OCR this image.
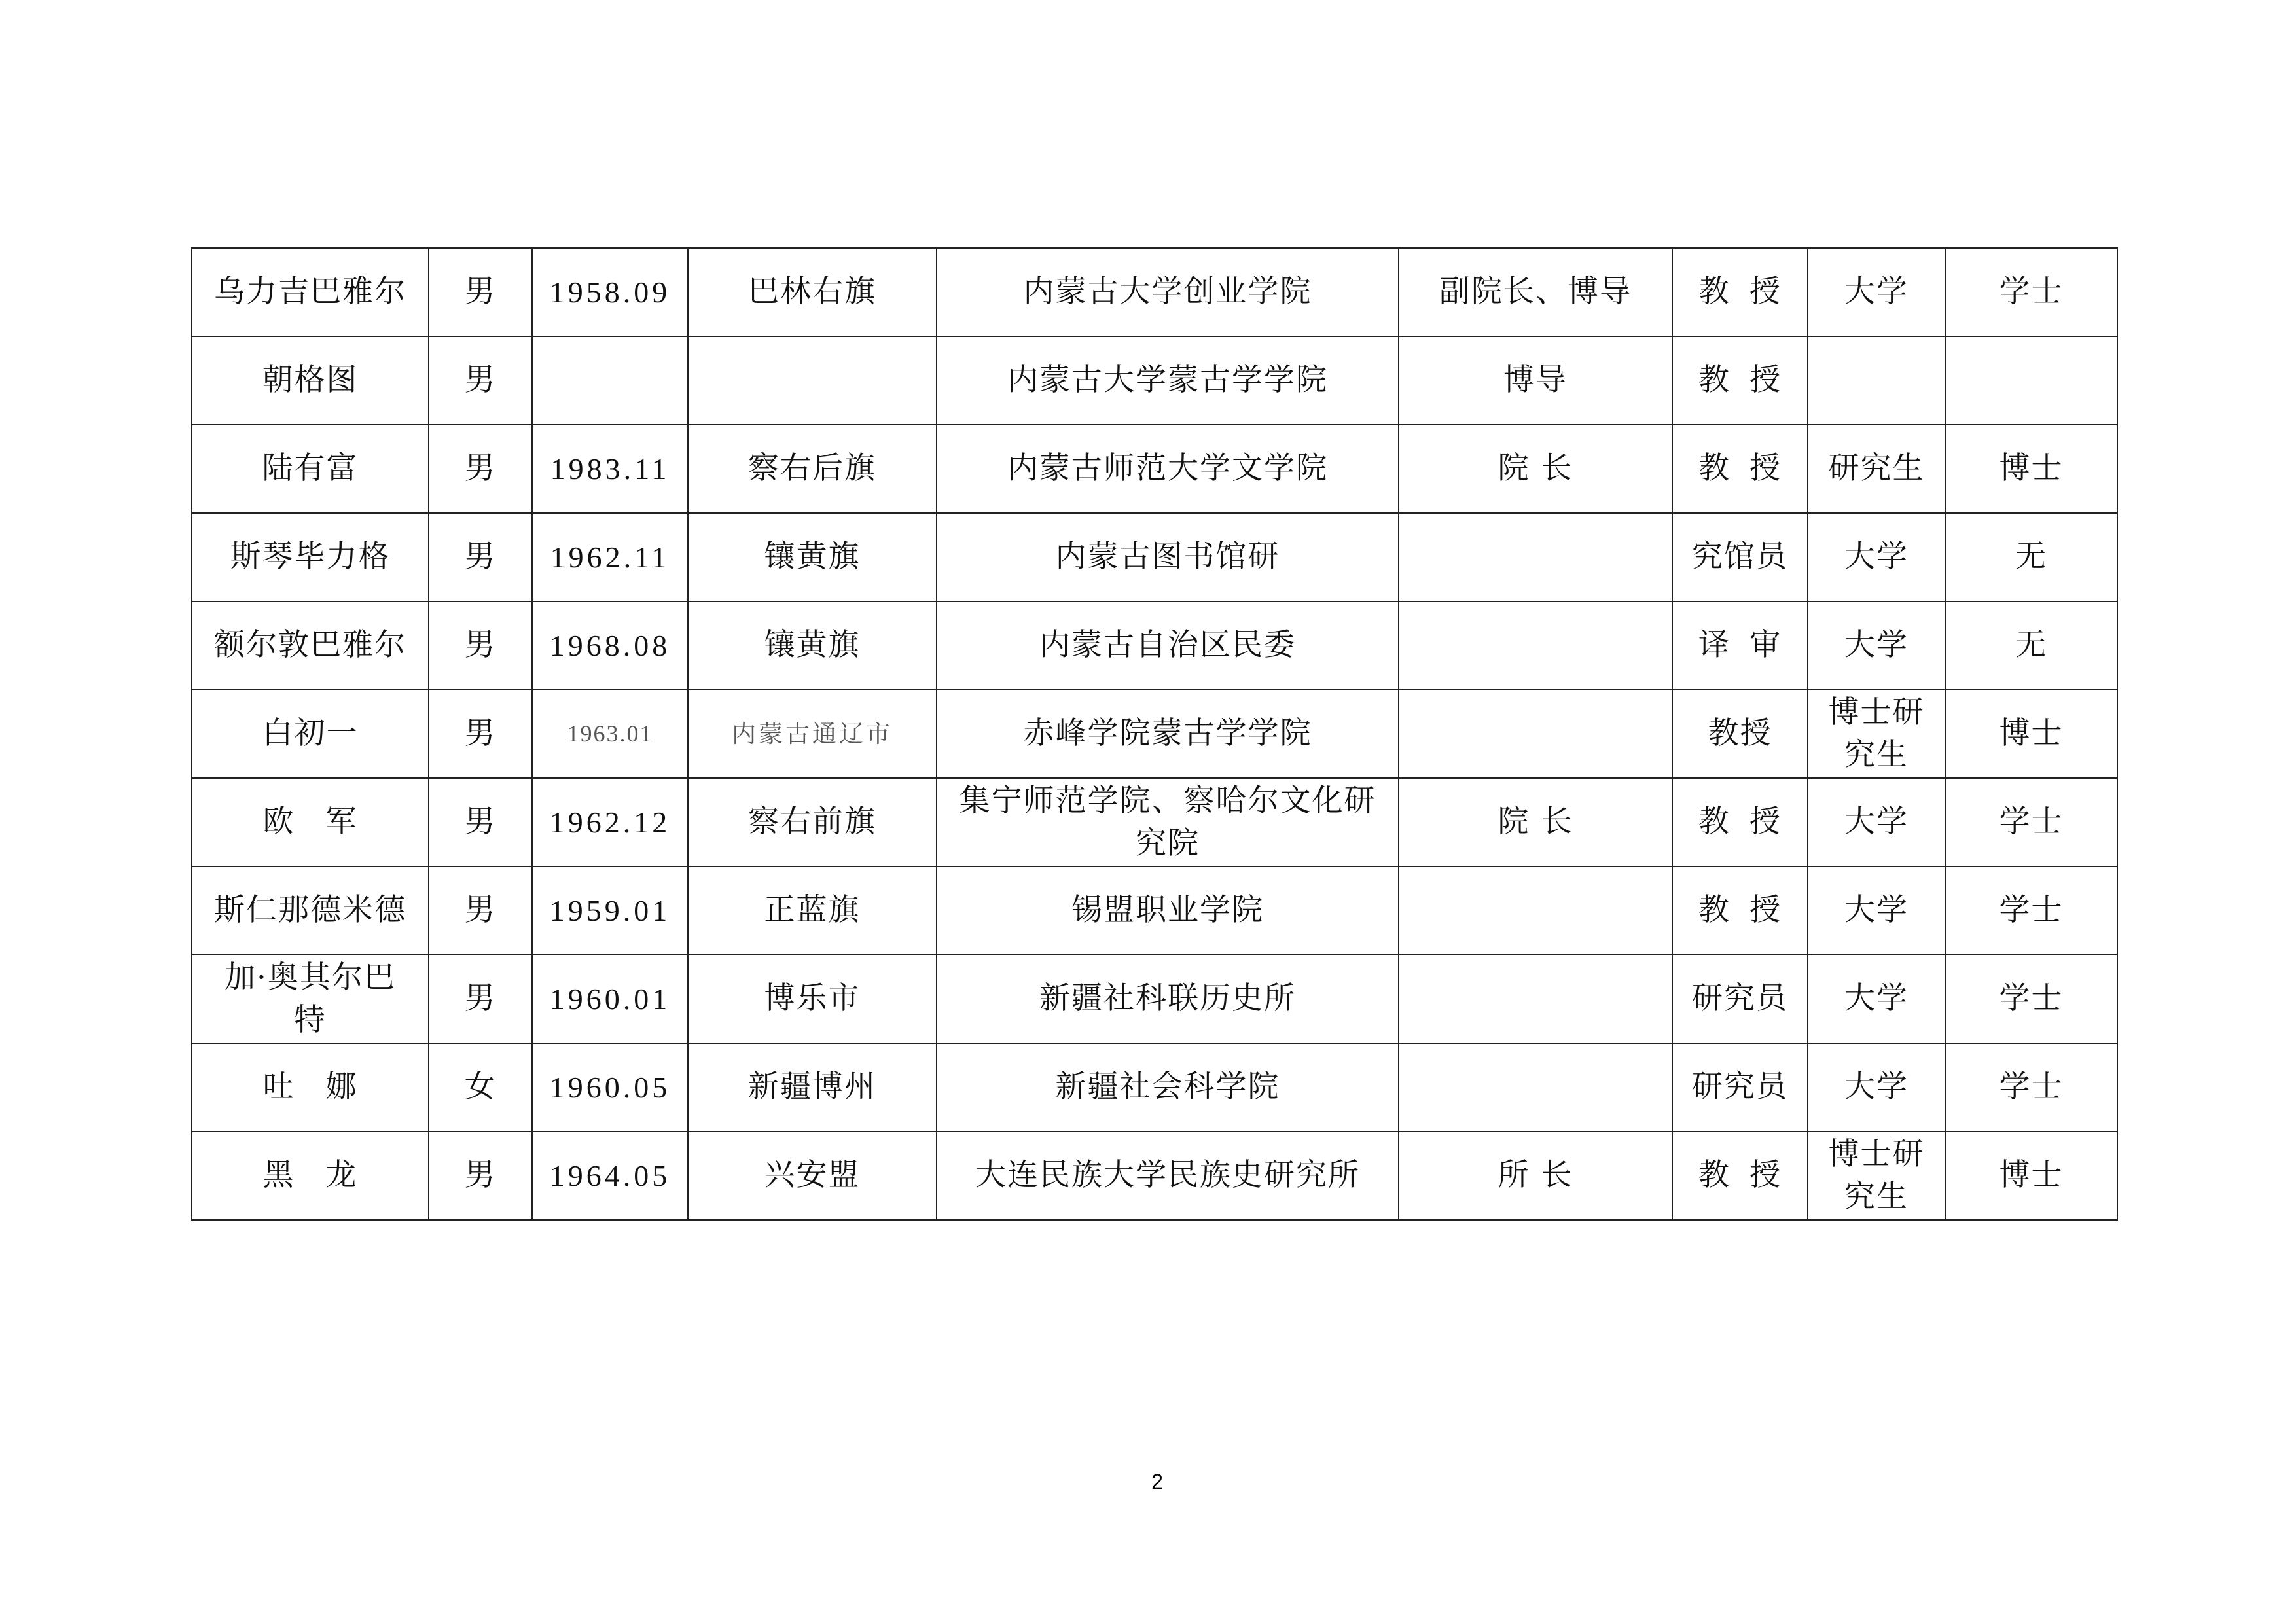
乌力吉巴雅尔	男	1958.09	巴林右旗	内蒙古大学创业学院	副院长、博导	教 授	大学	学士
朝格图	男			内蒙古大学蒙古学学院	博导	教 授		
陆有富	男	1983.11	察右后旗	内蒙古师范大学文学院	院 长	教 授	研究生	博士
斯琴毕力格	男	1962.11	镶黄旗	内蒙古图书馆研		究馆员	大学	无
额尔敦巴雅尔	男	1968.08	镶黄旗	内蒙古自治区民委		译 审	大学	无
白初一	男	1963.01	内蒙古通辽市	赤峰学院蒙古学学院		教授	博士研究生	博士
欧 军	男	1962.12	察右前旗	集宁师范学院、察哈尔文化研究院	院 长	教 授	大学	学士
斯仁那德米德	男	1959.01	正蓝旗	锡盟职业学院		教 授	大学	学士
加·奥其尔巴特	男	1960.01	博乐市	新疆社科联历史所		研究员	大学	学士
吐 娜	女	1960.05	新疆博州	新疆社会科学院		研究员	大学	学士
黑 龙	男	1964.05	兴安盟	大连民族大学民族史研究所	所 长	教 授	博士研究生	博士
2
